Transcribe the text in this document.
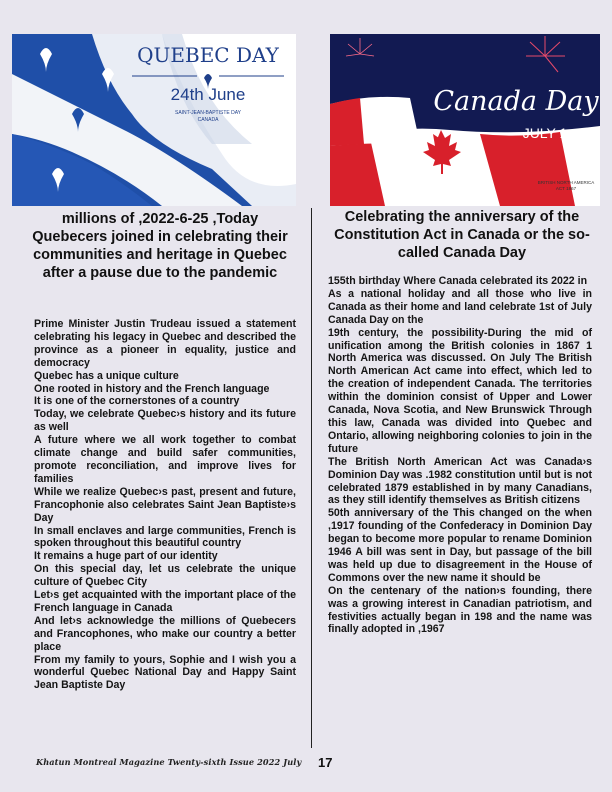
QUEBEC DAY
24th June
SAINT-JEAN-BAPTISTE DAY
CANADA
Canada Day
JULY 1
BRITISH NORTH AMERICA
ACT 1867
millions of ,2022-6-25 ,Today Quebecers joined in celebrating their communities and heritage in Quebec after a pause due to the pandemic
Celebrating the anniversary of the Constitution Act in Canada or the so-called Canada Day

Prime Minister Justin Trudeau issued a statement celebrating his legacy in Quebec and described the province as a pioneer in equality, justice and democracy

Quebec has a unique culture

One rooted in history and the French language

It is one of the cornerstones of a country

Today, we celebrate Quebec›s history and its future as well

A future where we all work together to combat climate change and build safer communities, promote reconciliation, and improve lives for families

While we realize Quebec›s past, present and future, Francophonie also celebrates Saint Jean Baptiste›s Day

In small enclaves and large communities, French is spoken throughout this beautiful country

It remains a huge part of our identity

On this special day, let us celebrate the unique culture of Quebec City

Let›s get acquainted with the important place of the French language in Canada

And let›s acknowledge the millions of Quebecers and Francophones, who make our country a better place

From my family to yours, Sophie and I wish you a wonderful Quebec National Day and Happy Saint Jean Baptiste Day

155th birthday Where Canada celebrated its 2022 in

As a national holiday and all those who live in Canada as their home and land celebrate 1st of July Canada Day on the

19th century, the possibility-During the mid of unification among the British colonies in 1867 1 North America was discussed. On July The British North American Act came into effect, which led to the creation of independent Canada. The territories within the dominion consist of Upper and Lower Canada, Nova Scotia, and New Brunswick Through this law, Canada was divided into Quebec and Ontario, allowing neighboring colonies to join in the future

The British North American Act was Canada›s Dominion Day was .1982 constitution until but is not celebrated 1879 established in by many Canadians, as they still identify themselves as British citizens

50th anniversary of the This changed on the when ,1917 founding of the Confederacy in Dominion Day began to become more popular to rename Dominion 1946 A bill was sent in Day, but passage of the bill was held up due to disagreement in the House of Commons over the new name it should be

On the centenary of the nation›s founding, there was a growing interest in Canadian patriotism, and festivities actually began in 198 and the name was finally adopted in ,1967

Khatun Montreal Magazine Twenty-sixth Issue 2022 July 17
